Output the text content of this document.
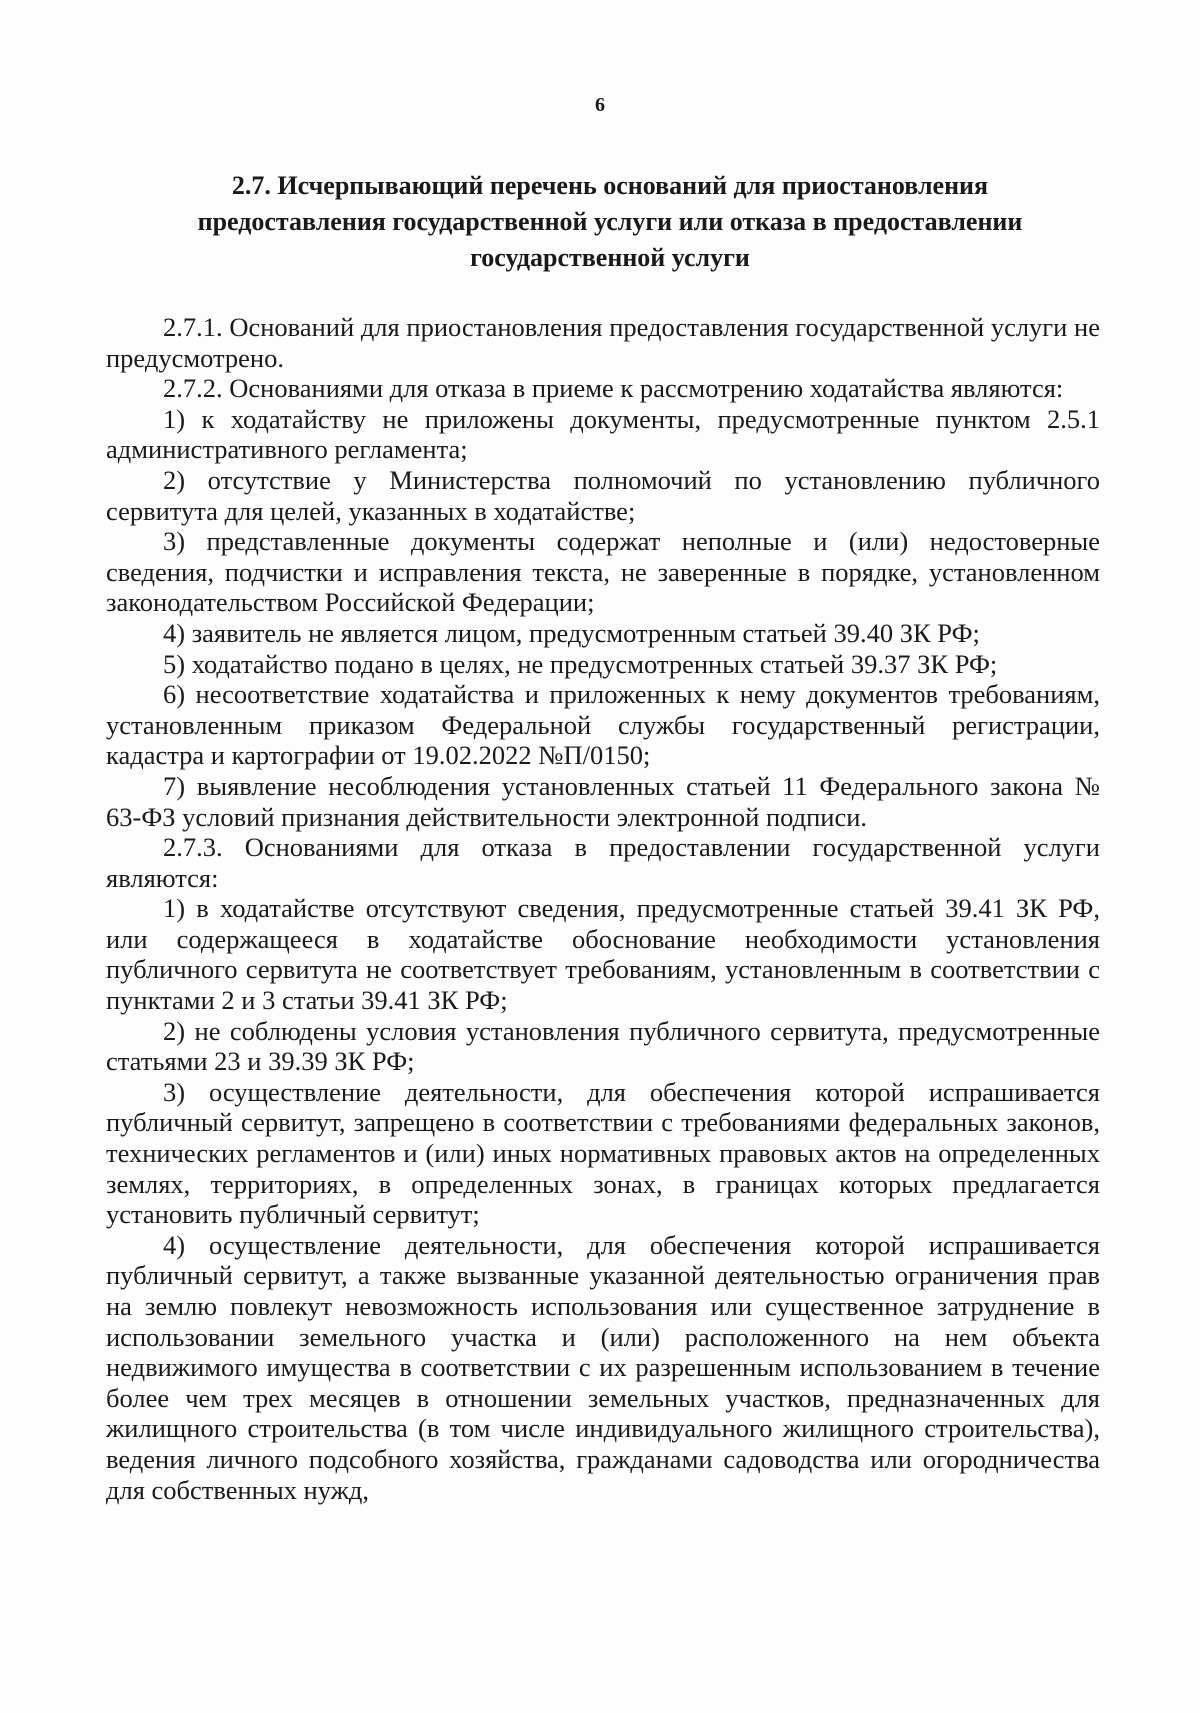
6
2.7. Исчерпывающий перечень оснований для приостановления
предоставления государственной услуги или отказа в предоставлении
государственной услуги

2.7.1. Оснований для приостановления предоставления государственной услуги не предусмотрено.

2.7.2. Основаниями для отказа в приеме к рассмотрению ходатайства являются:

1) к ходатайству не приложены документы, предусмотренные пунктом 2.5.1 административного регламента;

2) отсутствие у Министерства полномочий по установлению публичного сервитута для целей, указанных в ходатайстве;

3) представленные документы содержат неполные и (или) недостоверные сведения, подчистки и исправления текста, не заверенные в порядке, установленном законодательством Российской Федерации;

4) заявитель не является лицом, предусмотренным статьей 39.40 ЗК РФ;

5) ходатайство подано в целях, не предусмотренных статьей 39.37 ЗК РФ;

6) несоответствие ходатайства и приложенных к нему документов требованиям, установленным приказом Федеральной службы государственный регистрации, кадастра и картографии от 19.02.2022 №П/0150;

7) выявление несоблюдения установленных статьей 11 Федерального закона № 63-ФЗ условий признания действительности электронной подписи.

2.7.3. Основаниями для отказа в предоставлении государственной услуги являются:

1) в ходатайстве отсутствуют сведения, предусмотренные статьей 39.41 ЗК РФ, или содержащееся в ходатайстве обоснование необходимости установления публичного сервитута не соответствует требованиям, установленным в соответствии с пунктами 2 и 3 статьи 39.41 ЗК РФ;

2) не соблюдены условия установления публичного сервитута, предусмотренные статьями 23 и 39.39 ЗК РФ;

3) осуществление деятельности, для обеспечения которой испрашивается публичный сервитут, запрещено в соответствии с требованиями федеральных законов, технических регламентов и (или) иных нормативных правовых актов на определенных землях, территориях, в определенных зонах, в границах которых предлагается установить публичный сервитут;

4) осуществление деятельности, для обеспечения которой испрашивается публичный сервитут, а также вызванные указанной деятельностью ограничения прав на землю повлекут невозможность использования или существенное затруднение в использовании земельного участка и (или) расположенного на нем объекта недвижимого имущества в соответствии с их разрешенным использованием в течение более чем трех месяцев в отношении земельных участков, предназначенных для жилищного строительства (в том числе индивидуального жилищного строительства), ведения личного подсобного хозяйства, гражданами садоводства или огородничества для собственных нужд,
